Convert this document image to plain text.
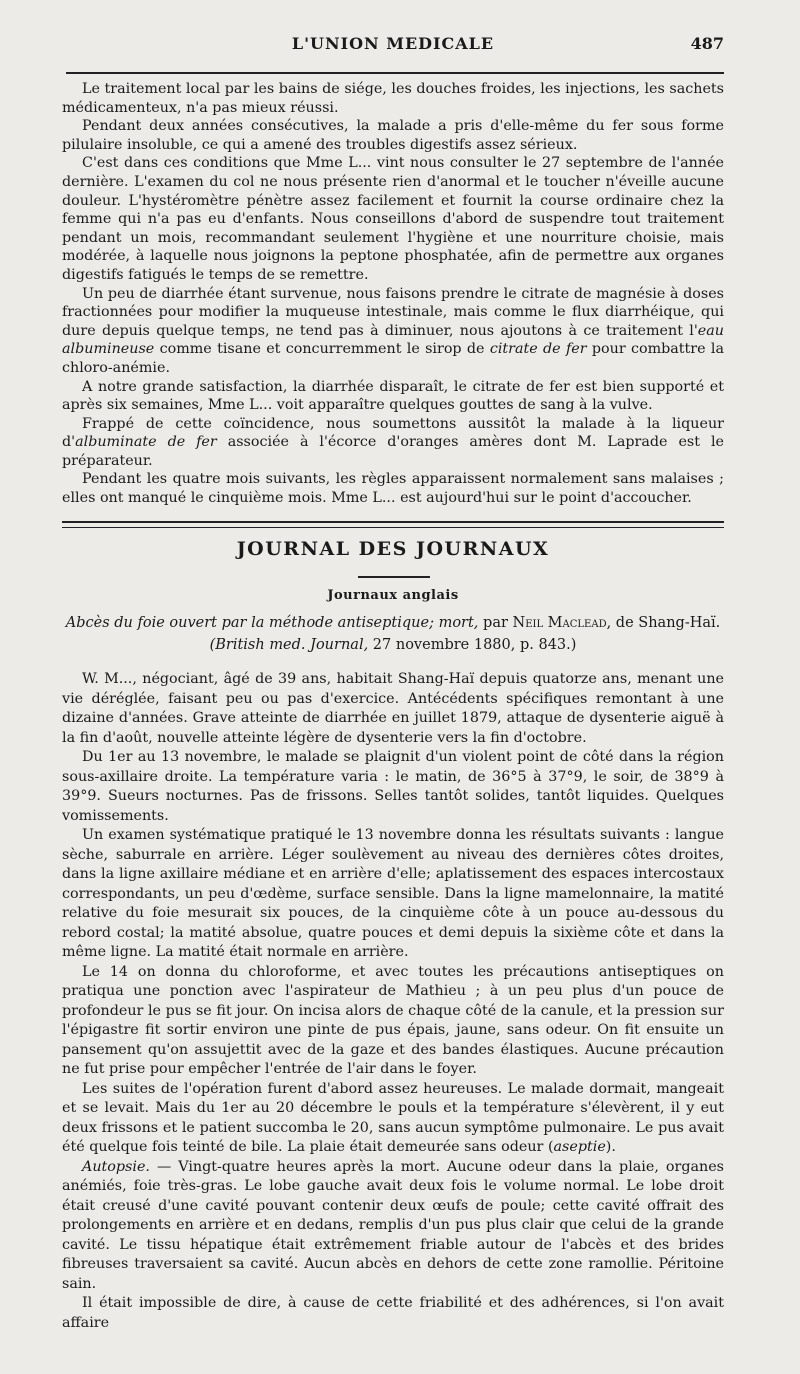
L'UNION MEDICALE	487

Le traitement local par les bains de siége, les douches froides, les injections, les sachets médicamenteux, n'a pas mieux réussi.

Pendant deux années consécutives, la malade a pris d'elle-même du fer sous forme pilulaire insoluble, ce qui a amené des troubles digestifs assez sérieux.

C'est dans ces conditions que Mme L... vint nous consulter le 27 septembre de l'année dernière. L'examen du col ne nous présente rien d'anormal et le toucher n'éveille aucune douleur. L'hystéromètre pénètre assez facilement et fournit la course ordinaire chez la femme qui n'a pas eu d'enfants. Nous conseillons d'abord de suspendre tout traitement pendant un mois, recommandant seulement l'hygiène et une nourriture choisie, mais modérée, à laquelle nous joignons la peptone phosphatée, afin de permettre aux organes digestifs fatigués le temps de se remettre.

Un peu de diarrhée étant survenue, nous faisons prendre le citrate de magnésie à doses fractionnées pour modifier la muqueuse intestinale, mais comme le flux diarrhéique, qui dure depuis quelque temps, ne tend pas à diminuer, nous ajoutons à ce traitement l'eau albumineuse comme tisane et concurremment le sirop de citrate de fer pour combattre la chloro-anémie.

A notre grande satisfaction, la diarrhée disparaît, le citrate de fer est bien supporté et après six semaines, Mme L... voit apparaître quelques gouttes de sang à la vulve.

Frappé de cette coïncidence, nous soumettons aussitôt la malade à la liqueur d'albuminate de fer associée à l'écorce d'oranges amères dont M. Laprade est le préparateur.

Pendant les quatre mois suivants, les règles apparaissent normalement sans malaises ; elles ont manqué le cinquième mois. Mme L... est aujourd'hui sur le point d'accoucher.

JOURNAL DES JOURNAUX
Journaux anglais
Abcès du foie ouvert par la méthode antiseptique; mort, par Neil Maclead, de Shang-Haï.
(British med. Journal, 27 novembre 1880, p. 843.)

W. M..., négociant, âgé de 39 ans, habitait Shang-Haï depuis quatorze ans, menant une vie déréglée, faisant peu ou pas d'exercice. Antécédents spécifiques remontant à une dizaine d'années. Grave atteinte de diarrhée en juillet 1879, attaque de dysenterie aiguë à la fin d'août, nouvelle atteinte légère de dysenterie vers la fin d'octobre.

Du 1er au 13 novembre, le malade se plaignit d'un violent point de côté dans la région sous-axillaire droite. La température varia : le matin, de 36°5 à 37°9, le soir, de 38°9 à 39°9. Sueurs nocturnes. Pas de frissons. Selles tantôt solides, tantôt liquides. Quelques vomissements.

Un examen systématique pratiqué le 13 novembre donna les résultats suivants : langue sèche, saburrale en arrière. Léger soulèvement au niveau des dernières côtes droites, dans la ligne axillaire médiane et en arrière d'elle; aplatissement des espaces intercostaux correspondants, un peu d'œdème, surface sensible. Dans la ligne mamelonnaire, la matité relative du foie mesurait six pouces, de la cinquième côte à un pouce au-dessous du rebord costal; la matité absolue, quatre pouces et demi depuis la sixième côte et dans la même ligne. La matité était normale en arrière.

Le 14 on donna du chloroforme, et avec toutes les précautions antiseptiques on pratiqua une ponction avec l'aspirateur de Mathieu ; à un peu plus d'un pouce de profondeur le pus se fit jour. On incisa alors de chaque côté de la canule, et la pression sur l'épigastre fit sortir environ une pinte de pus épais, jaune, sans odeur. On fit ensuite un pansement qu'on assujettit avec de la gaze et des bandes élastiques. Aucune précaution ne fut prise pour empêcher l'entrée de l'air dans le foyer.

Les suites de l'opération furent d'abord assez heureuses. Le malade dormait, mangeait et se levait. Mais du 1er au 20 décembre le pouls et la température s'élevèrent, il y eut deux frissons et le patient succomba le 20, sans aucun symptôme pulmonaire. Le pus avait été quelque fois teinté de bile. La plaie était demeurée sans odeur (aseptie).

Autopsie. — Vingt-quatre heures après la mort. Aucune odeur dans la plaie, organes anémiés, foie très-gras. Le lobe gauche avait deux fois le volume normal. Le lobe droit était creusé d'une cavité pouvant contenir deux œufs de poule; cette cavité offrait des prolongements en arrière et en dedans, remplis d'un pus plus clair que celui de la grande cavité. Le tissu hépatique était extrêmement friable autour de l'abcès et des brides fibreuses traversaient sa cavité. Aucun abcès en dehors de cette zone ramollie. Péritoine sain.

Il était impossible de dire, à cause de cette friabilité et des adhérences, si l'on avait affaire
